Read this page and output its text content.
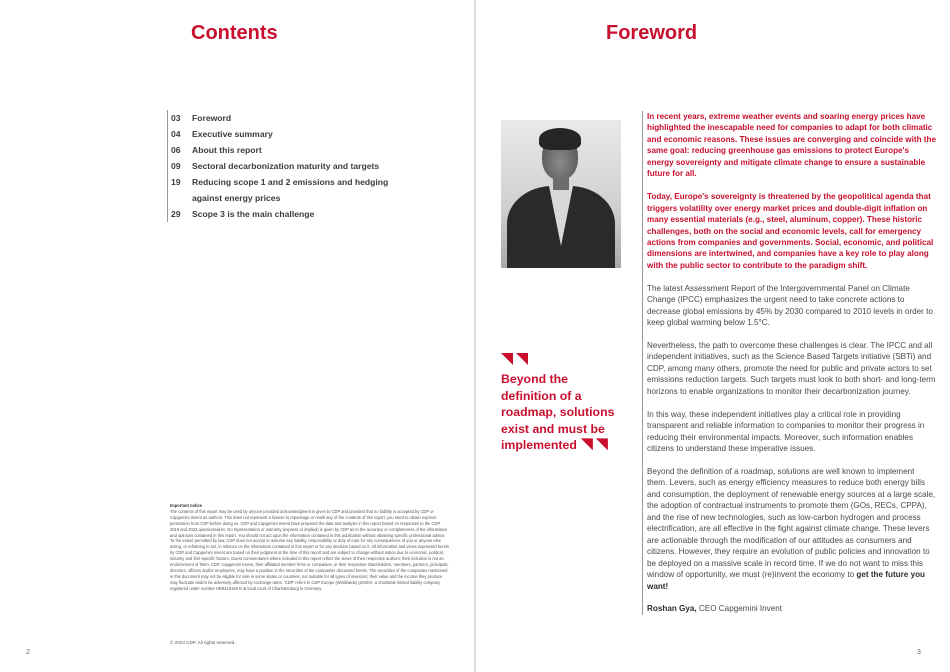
Contents
03	Foreword
04	Executive summary
06	About this report
09	Sectoral decarbonization maturity and targets
19	Reducing scope 1 and 2 emissions and hedging against energy prices
29	Scope 3 is the main challenge
Important notice
The contents of this report may be used by anyone provided acknowledgment is given to CDP and provided that no liability is accepted by CDP or Capgemini Invent as authors. This does not represent a license to repackage or resell any of the contents of this report, you need to obtain express permission from CDP before doing so. CDP and Capgemini Invent have prepared the data and analysis in this report based on responses to the CDP 2019 and 2022 questionnaires. No representation or warranty (express or implied) is given by CDP as to the accuracy or completeness of the information and opinions contained in this report. You should not act upon the information contained in this publication without obtaining specific professional advice. To the extent permitted by law, CDP does not accept or assume any liability, responsibility or duty of care for any consequences of you or anyone else acting, or refraining to act, in reliance on the information contained in this report or for any decision based on it. All information and views expressed herein by CDP and Capgemini Invent are based on their judgment at the time of this report and are subject to change without notice due to economic, political, industry and firm-specific factors. Guest commentaries where included in this report reflect the views of their respective authors; their inclusion is not an endorsement of them. CDP, Capgemini Invent, their affiliated member firms or companies, or their respective shareholders, members, partners, principals, directors, officers and/or employees, may have a position in the securities of the companies discussed herein. The securities of the companies mentioned in this document may not be eligible for sale in some states or countries, nor suitable for all types of investors; their value and the income they produce may fluctuate and/or be adversely affected by exchange rates. 'CDP' refers to CDP Europe (Worldwide) gGmbH, a charitable limited liability company registered under number HRB119156 B at local court of Charlottenburg in Germany.
© 2023 CDP. All rights reserved.
2
Foreword
Beyond the definition of a roadmap, solutions exist and must be implemented

In recent years, extreme weather events and soaring energy prices have highlighted the inescapable need for companies to adapt for both climatic and economic reasons. These issues are converging and coincide with the same goal: reducing greenhouse gas emissions to protect Europe's energy sovereignty and mitigate climate change to ensure a sustainable future for all.

Today, Europe's sovereignty is threatened by the geopolitical agenda that triggers volatility over energy market prices and double-digit inflation on many essential materials (e.g., steel, aluminum, copper). These historic challenges, both on the social and economic levels, call for emergency actions from companies and governments. Social, economic, and political dimensions are intertwined, and companies have a key role to play along with the public sector to contribute to the paradigm shift.

The latest Assessment Report of the Intergovernmental Panel on Climate Change (IPCC) emphasizes the urgent need to take concrete actions to decrease global emissions by 45% by 2030 compared to 2010 levels in order to keep global warming below 1.5°C.

Nevertheless, the path to overcome these challenges is clear. The IPCC and all independent initiatives, such as the Science Based Targets initiative (SBTi) and CDP, among many others, promote the need for public and private actors to set emissions reduction targets. Such targets must look to both short- and long-term horizons to enable organizations to monitor their decarbonization journey.

In this way, these independent initiatives play a critical role in providing transparent and reliable information to companies to monitor their progress in reducing their environmental impacts. Moreover, such information enables citizens to understand these imperative issues.

Beyond the definition of a roadmap, solutions are well known to implement them. Levers, such as energy efficiency measures to reduce both energy bills and consumption, the deployment of renewable energy sources at a large scale, the adoption of contractual instruments to promote them (GOs, RECs, CPPA), and the rise of new technologies, such as low-carbon hydrogen and process electrification, are all effective in the fight against climate change. These levers are actionable through the modification of our attitudes as consumers and citizens. However, they require an evolution of public policies and innovation to be deployed on a massive scale in record time. If we do not want to miss this window of opportunity, we must (re)invent the economy to get the future you want!

Roshan Gya, CEO Capgemini Invent

3
